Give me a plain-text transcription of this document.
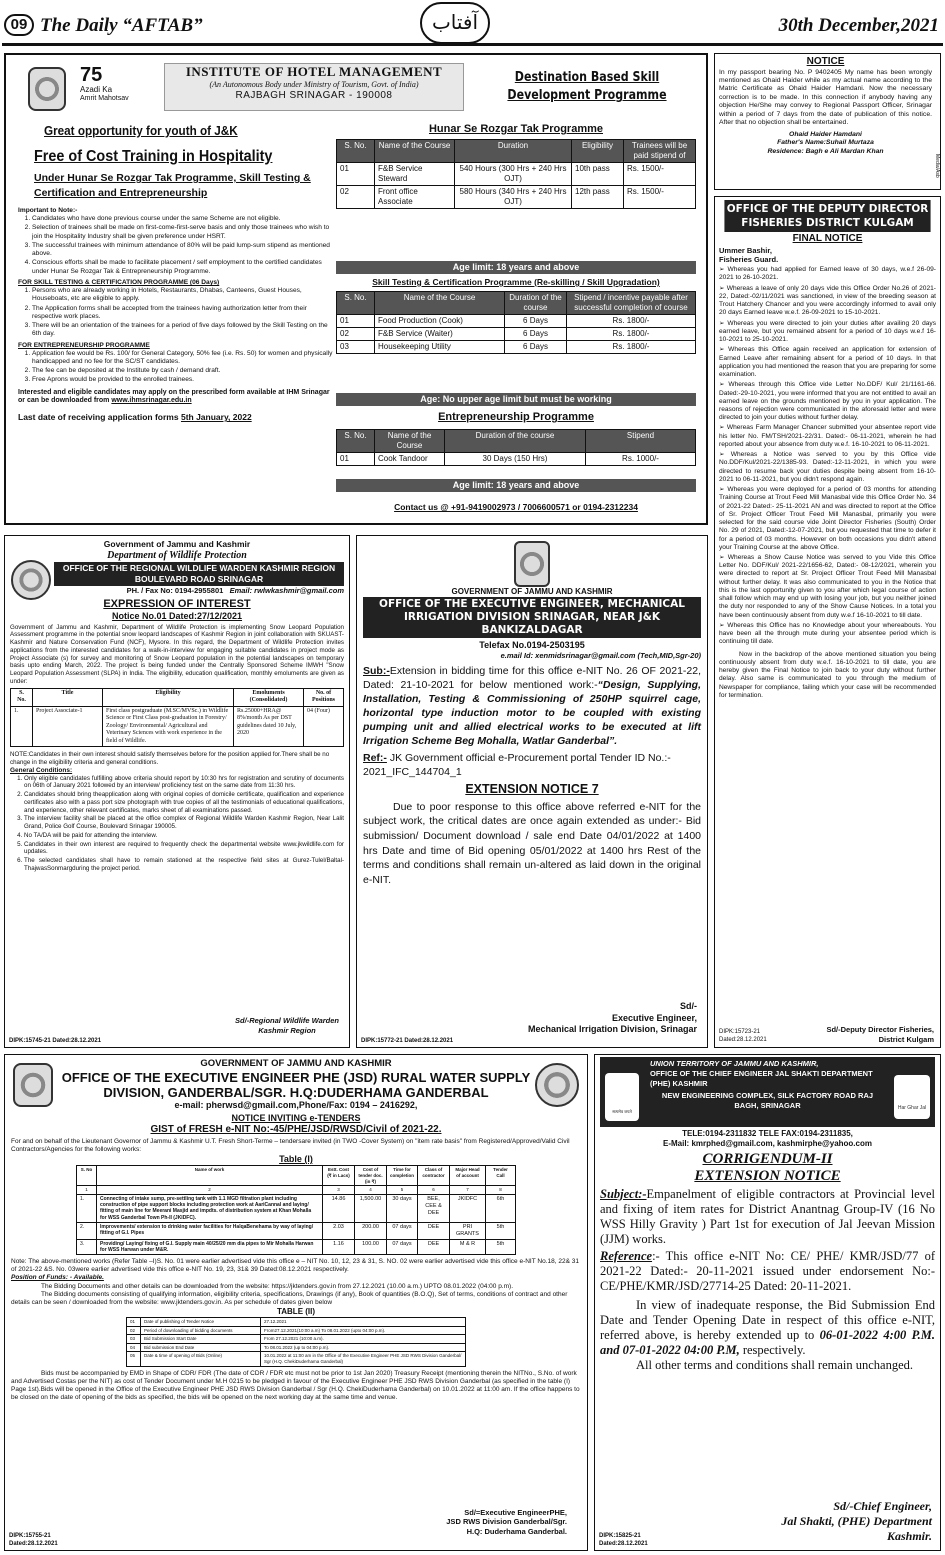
09 The Daily “AFTAB”	آفتاب	30th December,2021
75
Azadi Ka
Amrit Mahotsav
INSTITUTE OF HOTEL MANAGEMENT
(An Autonomous Body under Ministry of Tourism, Govt. of India)
RAJBAGH SRINAGAR - 190008
Destination Based Skill Development Programme
Great opportunity for youth of J&K
Free of Cost Training in Hospitality
Under Hunar Se Rozgar Tak Programme, Skill Testing & Certification and Entrepreneurship
Important to Note:-
1. Candidates who have done previous course under the same Scheme are not eligible.
2. Selection of trainees shall be made on first-come-first-serve basis and only those trainees who wish to join the Hospitality Industry shall be given preference under HSRT.
3. The successful trainees with minimum attendance of 80% will be paid lump-sum stipend as mentioned above.
4. Conscious efforts shall be made to facilitate placement / self employment to the certified candidates under Hunar Se Rozgar Tak & Entrepreneurship Programme.
FOR SKILL TESTING & CERTIFICATION PROGRAMME (06 Days)
1. Persons who are already working in Hotels, Restaurants, Dhabas, Canteens, Guest Houses, Houseboats, etc are eligible to apply.
2. The Application forms shall be accepted from the trainees having authorization letter from their respective work places.
3. There will be an orientation of the trainees for a period of five days followed by the Skill Testing on the 6th day.
FOR ENTREPRENEURSHIP PROGRAMME
1. Application fee would be Rs. 100/ for General Category, 50% fee (i.e. Rs. 50) for women and physically handicapped and no fee for the SC/ST candidates.
2. The fee can be deposited at the Institute by cash / demand draft.
3. Free Aprons would be provided to the enrolled trainees.
Interested and eligible candidates may apply on the prescribed form available at IHM Srinagar or can be downloaded from www.ihmsrinagar.edu.in
Last date of receiving application forms 5th January, 2022
Hunar Se Rozgar Tak Programme
S. No.	Name of the Course	Duration	Eligibility	Trainees will be paid stipend of
01	F&B Service Steward	540 Hours (300 Hrs + 240 Hrs OJT)	10th pass	Rs. 1500/-
02	Front office Associate	580 Hours (340 Hrs + 240 Hrs OJT)	12th pass	Rs. 1500/-
Age limit: 18 years and above
Skill Testing & Certification Programme (Re-skilling / Skill Upgradation)
S. No.	Name of the Course	Duration of the course	Stipend / incentive payable after successful completion of course
01	Food Production (Cook)	6 Days	Rs. 1800/-
02	F&B Service (Waiter)	6 Days	Rs. 1800/-
03	Housekeeping Utility	6 Days	Rs. 1800/-
Age: No upper age limit but must be working
Entrepreneurship Programme
S. No.	Name of the Course	Duration of the course	Stipend
01	Cook Tandoor	30 Days (150 Hrs)	Rs. 1000/-
Age limit: 18 years and above
Contact us @ +91-9419002973 / 7006600571 or 0194-2312234
NOTICE

In my passport bearing No. P 9402405 My name has been wrongly mentioned as Ohaid Haider while as my actual name according to the Matric Certificate as Ohaid Haider Hamdani. Now the necessary correction is to be made. In this connection if anybody having any objection He/She may convey to Regional Passport Officer, Srinagar within a period of 7 days from the date of publication of this notice. After that no objection shall be entertained.

Ohaid Haider Hamdani
Father's Name:Suhail Murtaza
Residence: Bagh e Ali Mardan Khan
Media/Asb
OFFICE OF THE DEPUTY DIRECTOR FISHERIES DISTRICT KULGAM
FINAL NOTICE
Ummer Bashir,
Fisheries Guard.

➢ Whereas you had applied for Earned leave of 30 days, w.e.f 26-09-2021 to 26-10-2021.

➢ Whereas a leave of only 20 days vide this Office Order No.26 of 2021-22, Dated:-02/11/2021 was sanctioned, in view of the breeding season at Trout Hatchery Chancer and you were accordingly informed to avail only 20 days Earned leave w.e.f. 26-09-2021 to 15-10-2021.

➢ Whereas you were directed to join your duties after availing 20 days earned leave, but you remained absent for a period of 10 days w.e.f 16-10-2021 to 25-10-2021.

➢ Whereas this Office again received an application for extension of Earned Leave after remaining absent for a period of 10 days. In that application you had mentioned the reason that you are preparing for some examination.

➢ Whereas through this Office vide Letter No.DDF/ Kul/ 21/1161-66. Dated:-29-10-2021, you were informed that you are not entitled to avail an earned leave on the grounds mentioned by you in your application. The reasons of rejection were communicated in the aforesaid letter and were directed to join your duties without further delay.

➢ Whereas Farm Manager Chancer submitted your absentee report vide his letter No. FM/TSH/2021-22/31. Dated:- 06-11-2021, wherein he had reported about your absence from duty w.e.f. 16-10-2021 to 06-11-2021.

➢ Whereas a Notice was served to you by this Office vide No.DDF/Kul/2021-22/1385-93. Dated:-12-11-2021, in which you were directed to resume back your duties despite being absent from 16-10-2021 to 06-11-2021, but you didn't respond again.

➢ Whereas you were deployed for a period of 03 months for attending Training Course at Trout Feed Mill Manasbal vide this Office Order No. 34 of 2021-22 Dated:- 25-11-2021 AN and was directed to report at the Office of Sr. Project Officer Trout Feed Mill Manasbal, primarily you were selected for the said course vide Joint Director Fisheries (South) Order No. 29 of 2021, Dated:-12-07-2021, but you requested that time to defer it for a period of 03 months. However on both occasions you didn't attend your Training Course at the above Office.

➢ Whereas a Show Cause Notice was served to you Vide this Office Letter No. DDF/Kul/ 2021-22/1656-62, Dated:- 08-12/2021, wherein you were directed to report at Sr. Project Officer Trout Feed Mill Manasbal without further delay. It was also communicated to you in the Notice that this is the last opportunity given to you after which legal course of action shall follow which may end up with losing your job, but you neither joined the duty nor responded to any of the Show Cause Notices. In a total you have been continuously absent from duty w.e.f 16-10-2021 to till date.

➢ Whereas this Office has no Knowledge about your whereabouts. You have been all the through mute during your absentee period which is continuing till date.

Now in the backdrop of the above mentioned situation you being continuously absent from duty w.e.f. 16-10-2021 to till date, you are hereby given the Final Notice to join back to your duty without further delay. Also same is communicated to you through the medium of Newspaper for compliance, failing which your case will be recommended for termination.

DIPK:15723-21
Dated:28.12.2021
Sd/-Deputy Director Fisheries,
District Kulgam
Government of Jammu and Kashmir
Department of Wildlife Protection
OFFICE OF THE REGIONAL WILDLIFE WARDEN KASHMIR REGION BOULEVARD ROAD SRINAGAR
PH. / Fax No: 0194-2955801 Email: rwlwkashmir@gmail.com
EXPRESSION OF INTEREST
Notice No.01 Dated:27/12/2021

Government of Jammu and Kashmir, Department of Wildlife Protection is implementing Snow Leopard Population Assessment programme in the potential snow leopard landscapes of Kashmir Region in joint collaboration with SKUAST-Kashmir and Nature Conservation Fund (NCF), Mysore. In this regard, the Department of Wildlife Protection invites applications from the interested candidates for a walk-in-interview for engaging suitable candidates in project mode as Project Associate (s) for survey and monitoring of Snow Leopard population in the potential landscapes on temporary basis upto ending March, 2022. The project is being funded under the Centrally Sponsored Scheme IMWH "Snow Leopard Population Assessment (SLPA) in India. The eligibility, education qualification, monthly emoluments are given as under:

S. No.	Title	Eligibility	Emoluments (Consolidated)	No. of Positions
1.	Project Associate-1	First class postgraduate (M.SC/MVSc.) in Wildlife Science or First Class post-graduation in Forestry/ Zoology/ Environmental/ Agricultural and Veterinary Sciences with work experience in the field of Wildlife.	Rs.25000+HRA@ 8%/month As per DST guidelines dated 10 July, 2020	04 (Four)

NOTE:Candidates in their own interest should satisfy themselves before for the position applied for.There shall be no change in the eligibility criteria and general conditions.

General Conditions:
1. Only eligible candidates fulfilling above criteria should report by 10:30 hrs for registration and scrutiny of documents on 06th of January 2021 followed by an interview/ proficiency test on the same date from 11:30 hrs.
2. Candidates should bring theapplication along with original copies of domicile certificate, qualification and experience certificates also with a pass port size photograph with true copies of all the testimonials of educational qualifications, and experience, other relevant certificates, marks sheet of all examinations passed.
3. The interview facility shall be placed at the office complex of Regional Wildlife Warden Kashmir Region, Near Lalit Grand, Police Golf Course, Boulevard Srinagar 190005.
4. No TA/DA will be paid for attending the interview.
5. Candidates in their own interest are required to frequently check the departmental website www.jkwildlife.com for updates.
6. The selected candidates shall have to remain stationed at the respective field sites at Gurez-Tulel/Baltal-ThajwasSonmargduring the project period.
Sd/-Regional Wildlife Warden
Kashmir Region
DIPK:15745-21 Dated:28.12.2021
GOVERNMENT OF JAMMU AND KASHMIR
OFFICE OF THE EXECUTIVE ENGINEER, MECHANICAL IRRIGATION DIVISION SRINAGAR, NEAR J&K BANKIZALDAGAR
Telefax No.0194-2503195
e.mail Id: xenmidsrinagar@gmail.com (Tech,MID,Sgr-20)

Sub:-Extension in bidding time for this office e-NIT No. 26 OF 2021-22, Dated: 21-10-2021 for below mentioned work:-“Design, Supplying, Installation, Testing & Commissioning of 250HP squirrel cage, horizontal type induction motor to be coupled with existing pumping unit and allied electrical works to be executed at lift Irrigation Scheme Beg Mohalla, Watlar Ganderbal”.

Ref:- JK Government official e-Procurement portal Tender ID No.:- 2021_IFC_144704_1

EXTENSION NOTICE 7

Due to poor response to this office above referred e-NIT for the subject work, the critical dates are once again extended as under:- Bid submission/ Document download / sale end Date 04/01/2022 at 1400 hrs Date and time of Bid opening 05/01/2022 at 1400 hrs Rest of the terms and conditions shall remain un-altered as laid down in the original e-NIT.

Sd/-
Executive Engineer,
Mechanical Irrigation Division, Srinagar
DIPK:15772-21 Dated:28.12.2021
GOVERNMENT OF JAMMU AND KASHMIR
OFFICE OF THE EXECUTIVE ENGINEER PHE (JSD) RURAL WATER SUPPLY DIVISION, GANDERBAL/SGR. H.Q:DUDERHAMA GANDERBAL
e-mail: pherwsd@gmail.com,Phone/Fax: 0194 – 2416292,
NOTICE INVITING e-TENDERS
GIST of FRESH e-NIT No:-45/PHE/JSD/RWSD/Civil of 2021-22.

For and on behalf of the Lieutenant Governor of Jammu & Kashmir U.T. Fresh Short-Terme – tendersare invited (in TWO -Cover System) on "item rate basis" from Registered/Approved/Valid Civil Contractors/Agencies for the following works:

Table (I)
S. No	Name of work	Estt. Cost (₹ in Lacs)	Cost of tender doc. (in ₹)	Time for completion	Class of contractor	Major Head of account	Tender Call
1	2	3	4	5	6	7	8
1.	Connecting of intake sump, pre-settling tank with 1.1 MGD filtration plant including construction of pipe support blocks including protection work at AariCannal and laying/ fitting of main line for Meerani Masjid and impdts. of distribution system at Khan Mohalla for WSS Ganderbal Town Ph-II (JKIDFC).	14.86	1,500.00	30 days	BEE, CEE & DEE	JKIDFC	6th
2.	Improvements/ extension to drinking water facilities for HalqaBenehama by way of laying/ fitting of G.I. Pipes	2.03	200.00	07 days	DEE	PRI GRANTS	5th
3.	Providing/ Laying/ fixing of G.I. Supply main 40/25/20 mm dia pipes to Mir Mohalla Harwan for WSS Harwan under M&R.	1.16	100.00	07 days	DEE	M & R	5th

Note: The above-mentioned works (Refer Table –I)S. No. 01 were earlier advertised vide this office e – NIT No. 10, 12, 23 & 31, S. NO. 02 were earlier advertised vide this office e-NIT No.18, 22& 31 of 2021-22 &S. No. 03were earlier advertised vide this office e-NIT No. 19, 23, 31& 39 Dated:08.12.2021 respectively.

Position of Funds: - Available.

The Bidding Documents and other details can be downloaded from the website: https://jktenders.gov.in from 27.12.2021 (10.00 a.m.) UPTO 08.01.2022 (04:00 p.m).

The Bidding documents consisting of qualifying information, eligibility criteria, specifications, Drawings (if any), Book of quantities (B.O.Q), Set of terms, conditions of contract and other details can be seen / downloaded from the website: www.jktenders.gov.in. As per schedule of dates given below

TABLE (II)
01	Date of publishing of Tender Notice	27.12.2021
02	Period of downloading of bidding documents	From27.12.2021(10:00 a.m) To 08.01.2022 (upto 04:00 p.m).
03	Bid Submission Start Date	From 27.12.2021 (10:00 a.m).
04	Bid submission End Date	To 08.01.2022 (up to 04:00 p.m).
05	Date & time of opening of Bids (Online)	10.01.2022 at 11:00 am in the Office of the Executive Engineer PHE JSD RWS Division Ganderbal/ Sgr (H.Q. ChekiDuderhama Ganderbal)

Bids must be accompanied by EMD in Shape of CDR/ FDR (The date of CDR / FDR etc must not be prior to 1st Jan 2020) Treasury Receipt (mentioning therein the NITNo., S.No. of work and Advertised Costas per the NIT) as cost of Tender Document under M.H 0215 to be pledged in favour of the Executive Engineer PHE JSD RWS Division Ganderbal (as specified in the table (I) Page 1st).Bids will be opened in the Office of the Executive Engineer PHE JSD RWS Division Ganderbal / Sgr (H.Q. ChekiDuderhama Ganderbal) on 10.01.2022 at 11:00 am. If the office happens to be closed on the date of opening of the bids as specified, the bids will be opened on the next working day at the same time and venue.

Sd/=Executive EngineerPHE,
JSD RWS Division Ganderbal/Sgr.
H.Q: Duderhama Ganderbal.
DIPK:15755-21
Dated:28.12.2021
UNION TERRITORY OF JAMMU AND KASHMIR,
OFFICE OF THE CHIEF ENGINEER JAL SHAKTI DEPARTMENT (PHE) KASHMIR
NEW ENGINEERING COMPLEX, SILK FACTORY ROAD RAJ BAGH, SRINAGAR
सत्यमेव जयते
Har Ghar Jal
TELE:0194-2311832 TELE FAX:0194-2311835,
E-Mail: kmrphed@gmail.com, kashmirphe@yahoo.com
CORRIGENDUM-II
EXTENSION NOTICE

Subject:-Empanelment of eligible contractors at Provincial level and fixing of item rates for District Anantnag Group-IV (16 No WSS Hilly Gravity ) Part 1st for execution of Jal Jeevan Mission (JJM) works.

Reference:- This office e-NIT No: CE/ PHE/ KMR/JSD/77 of 2021-22 Dated:- 20-11-2021 issued under endorsement No:- CE/PHE/KMR/JSD/27714-25 Dated: 20-11-2021.

In view of inadequate response, the Bid Submission End Date and Tender Opening Date in respect of this office e-NIT, referred above, is hereby extended up to 06-01-2022 4:00 P.M. and 07-01-2022 04:00 P.M, respectively.

All other terms and conditions shall remain unchanged.

Sd/-Chief Engineer,
Jal Shakti, (PHE) Department
Kashmir.
DIPK:15825-21
Dated:28.12.2021
